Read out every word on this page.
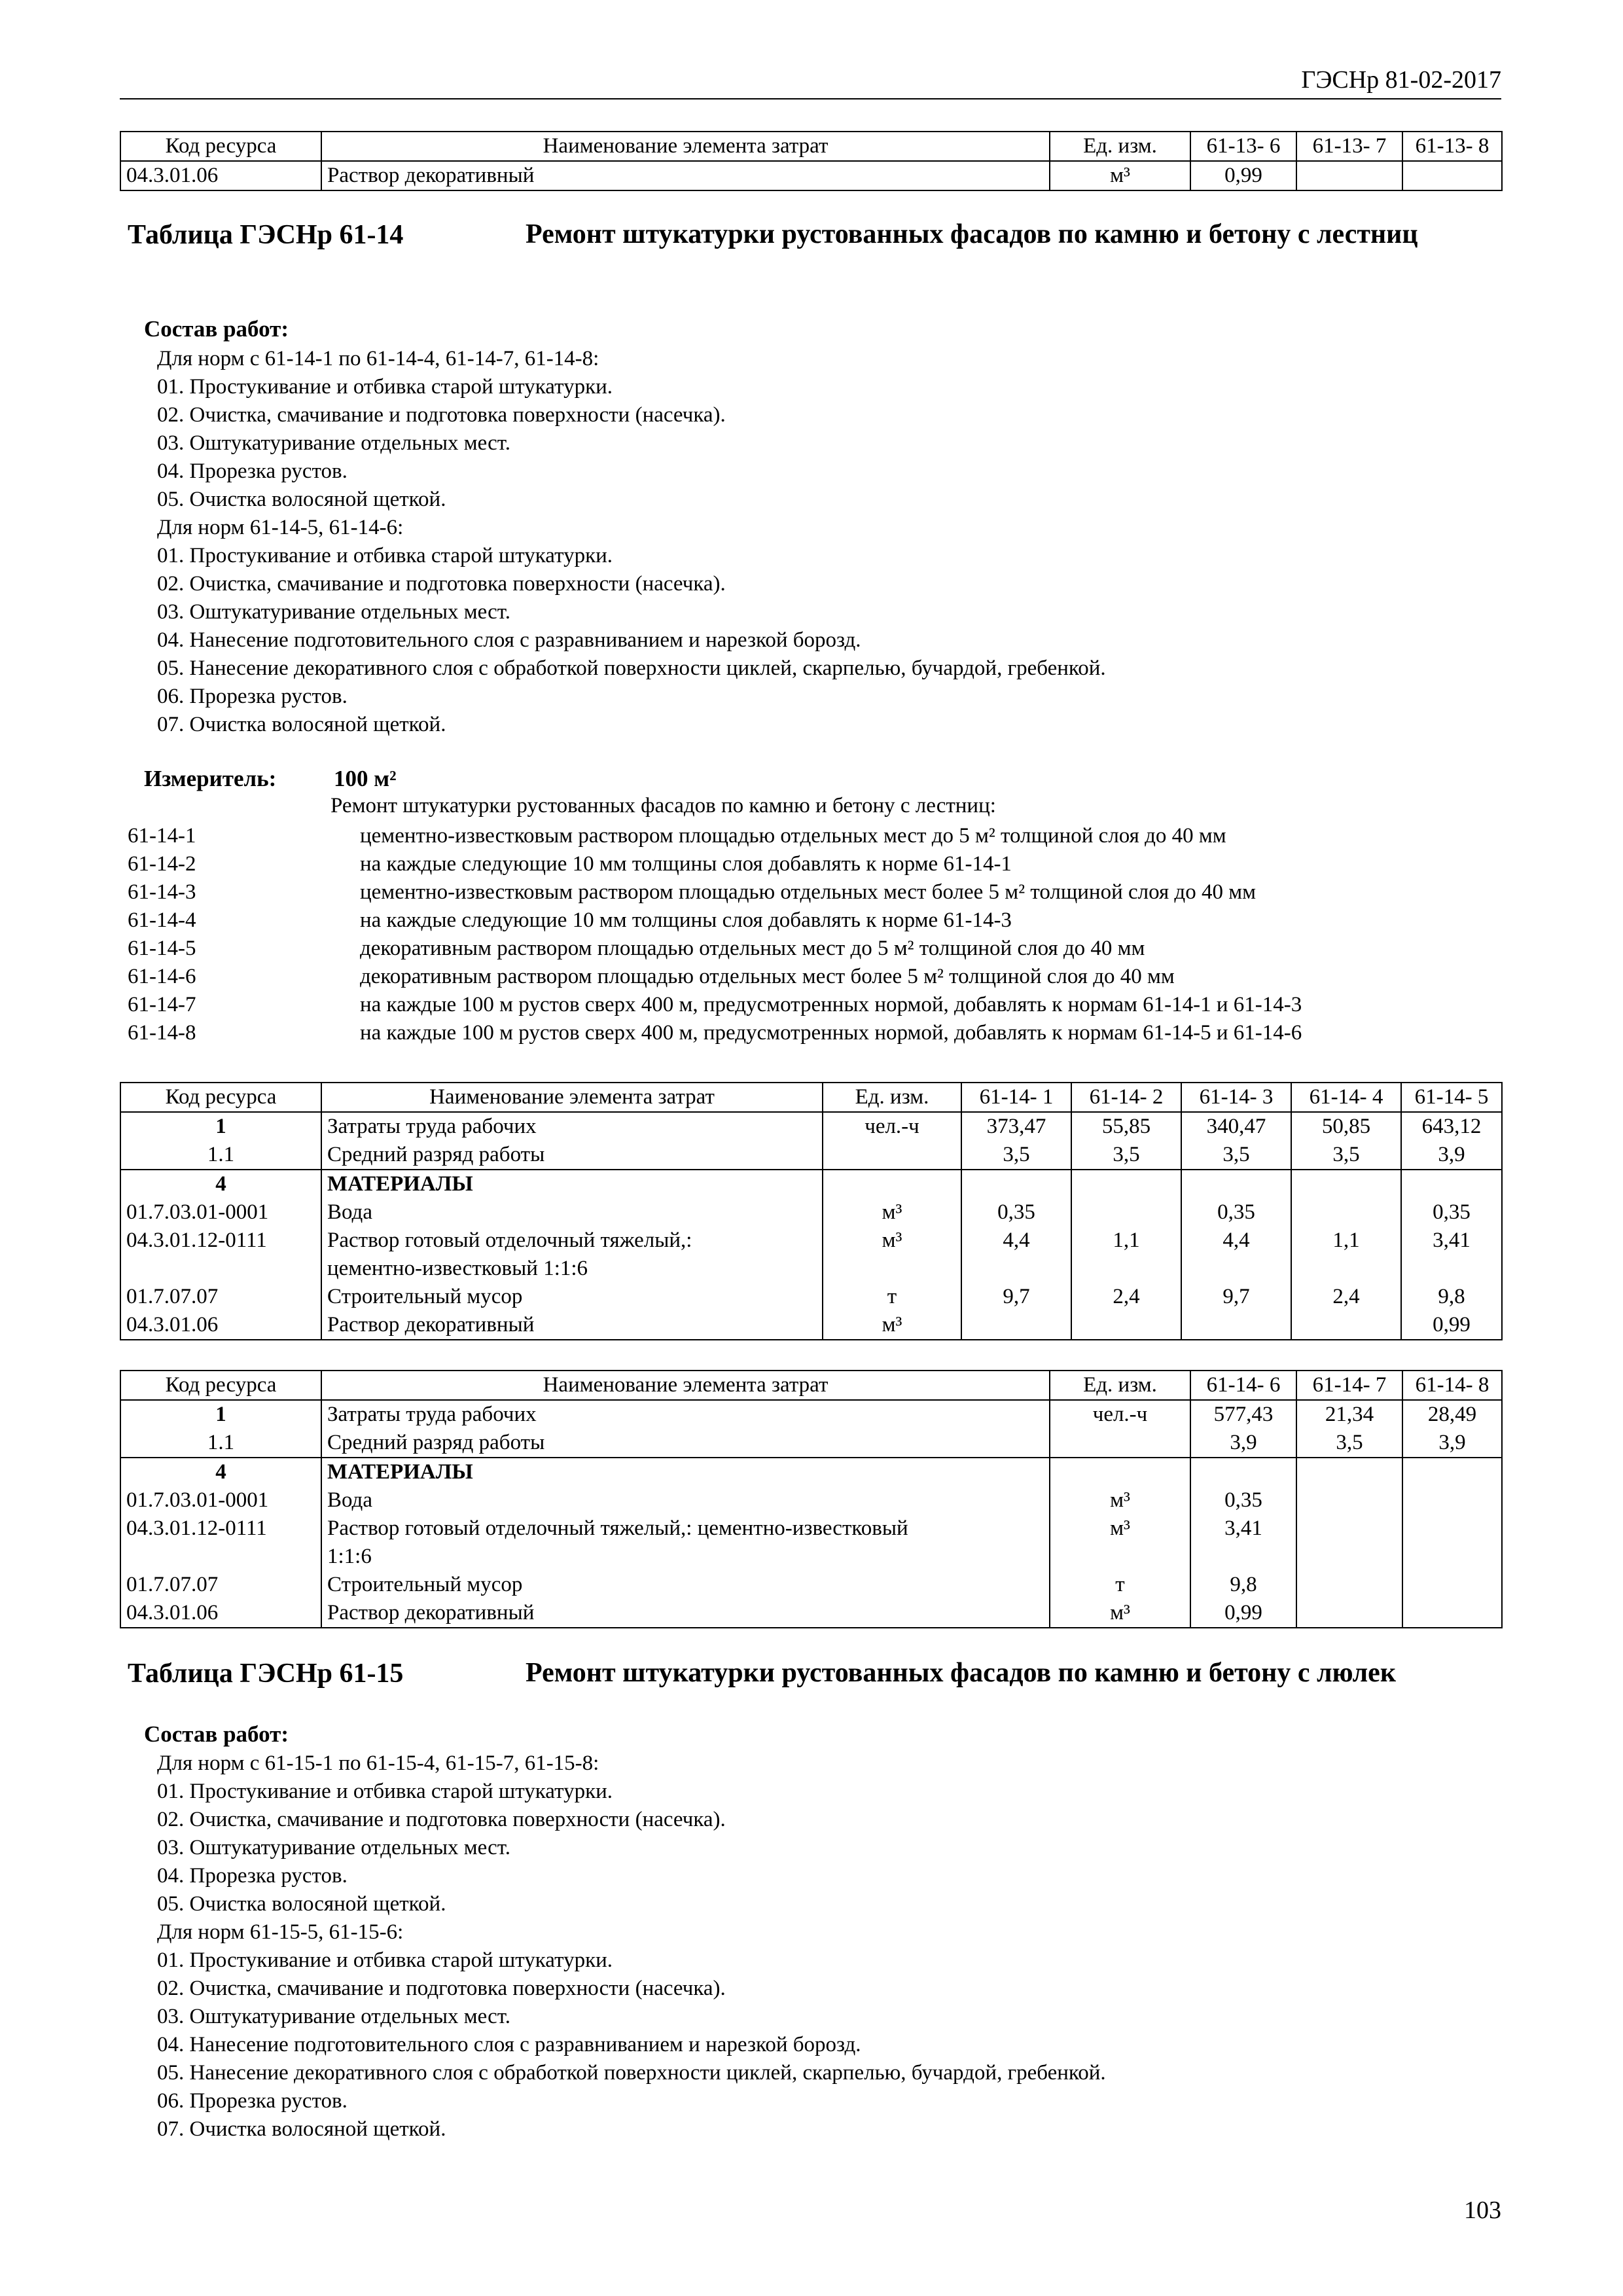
ГЭСНр 81-02-2017
Код ресурса	Наименование элемента затрат	Ед. изм.	61-13- 6	61-13- 7	61-13- 8
04.3.01.06	Раствор декоративный	м³	0,99		
Таблица ГЭСНр 61-14	Ремонт штукатурки рустованных фасадов по камню и бетону с лестниц
Состав работ:
Для норм с 61-14-1 по 61-14-4, 61-14-7, 61-14-8:
01. Простукивание и отбивка старой штукатурки.
02. Очистка, смачивание и подготовка поверхности (насечка).
03. Оштукатуривание отдельных мест.
04. Прорезка рустов.
05. Очистка волосяной щеткой.
Для норм 61-14-5, 61-14-6:
01. Простукивание и отбивка старой штукатурки.
02. Очистка, смачивание и подготовка поверхности (насечка).
03. Оштукатуривание отдельных мест.
04. Нанесение подготовительного слоя с разравниванием и нарезкой борозд.
05. Нанесение декоративного слоя с обработкой поверхности циклей, скарпелью, бучардой, гребенкой.
06. Прорезка рустов.
07. Очистка волосяной щеткой.
Измеритель:	100 м²
Ремонт штукатурки рустованных фасадов по камню и бетону с лестниц:
61-14-1	цементно-известковым раствором площадью отдельных мест до 5 м² толщиной слоя до 40 мм
61-14-2	на каждые следующие 10 мм толщины слоя добавлять к норме 61-14-1
61-14-3	цементно-известковым раствором площадью отдельных мест более 5 м² толщиной слоя до 40 мм
61-14-4	на каждые следующие 10 мм толщины слоя добавлять к норме 61-14-3
61-14-5	декоративным раствором площадью отдельных мест до 5 м² толщиной слоя до 40 мм
61-14-6	декоративным раствором площадью отдельных мест более 5 м² толщиной слоя до 40 мм
61-14-7	на каждые 100 м рустов сверх 400 м, предусмотренных нормой, добавлять к нормам 61-14-1 и 61-14-3
61-14-8	на каждые 100 м рустов сверх 400 м, предусмотренных нормой, добавлять к нормам 61-14-5 и 61-14-6
Код ресурса	Наименование элемента затрат	Ед. изм.	61-14- 1	61-14- 2	61-14- 3	61-14- 4	61-14- 5
1	Затраты труда рабочих	чел.-ч	373,47	55,85	340,47	50,85	643,12
1.1	Средний разряд работы		3,5	3,5	3,5	3,5	3,9
4	МАТЕРИАЛЫ						
01.7.03.01-0001	Вода	м³	0,35		0,35		0,35
04.3.01.12-0111	Раствор готовый отделочный тяжелый,:
цементно-известковый 1:1:6	м³	4,4	1,1	4,4	1,1	3,41
01.7.07.07	Строительный мусор	т	9,7	2,4	9,7	2,4	9,8
04.3.01.06	Раствор декоративный	м³					0,99
Код ресурса	Наименование элемента затрат	Ед. изм.	61-14- 6	61-14- 7	61-14- 8
1	Затраты труда рабочих	чел.-ч	577,43	21,34	28,49
1.1	Средний разряд работы		3,9	3,5	3,9
4	МАТЕРИАЛЫ				
01.7.03.01-0001	Вода	м³	0,35		
04.3.01.12-0111	Раствор готовый отделочный тяжелый,: цементно-известковый
1:1:6	м³	3,41		
01.7.07.07	Строительный мусор	т	9,8		
04.3.01.06	Раствор декоративный	м³	0,99		
Таблица ГЭСНр 61-15	Ремонт штукатурки рустованных фасадов по камню и бетону с люлек
Состав работ:
Для норм с 61-15-1 по 61-15-4, 61-15-7, 61-15-8:
01. Простукивание и отбивка старой штукатурки.
02. Очистка, смачивание и подготовка поверхности (насечка).
03. Оштукатуривание отдельных мест.
04. Прорезка рустов.
05. Очистка волосяной щеткой.
Для норм 61-15-5, 61-15-6:
01. Простукивание и отбивка старой штукатурки.
02. Очистка, смачивание и подготовка поверхности (насечка).
03. Оштукатуривание отдельных мест.
04. Нанесение подготовительного слоя с разравниванием и нарезкой борозд.
05. Нанесение декоративного слоя с обработкой поверхности циклей, скарпелью, бучардой, гребенкой.
06. Прорезка рустов.
07. Очистка волосяной щеткой.
103
